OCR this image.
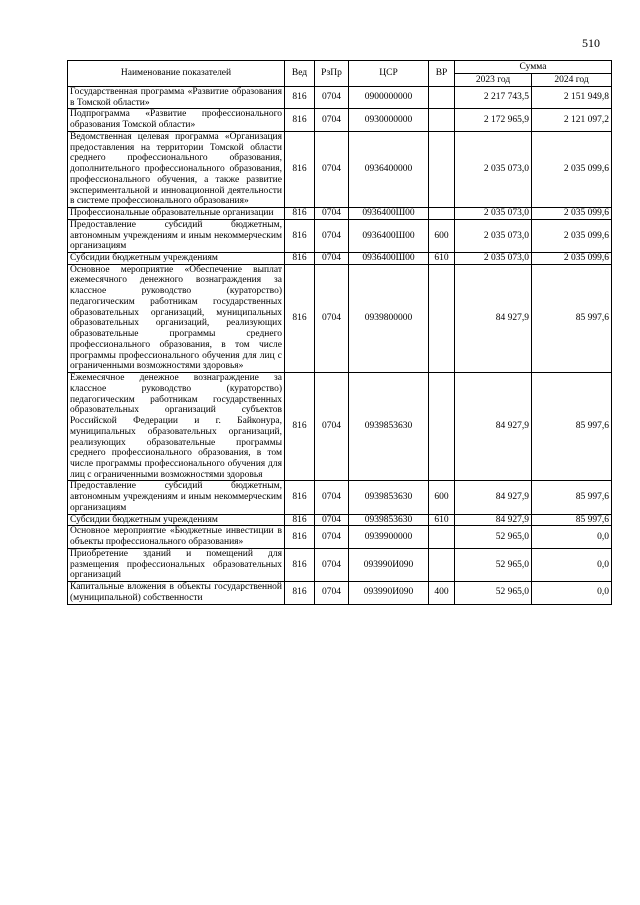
510
Наименование показателей	Вед	РзПр	ЦСР	ВР	Сумма	
					2023 год	2024 год
Государственная программа «Развитие образования в Томской области»	816	0704	0900000000		2 217 743,5	2 151 949,8
Подпрограмма «Развитие профессионального образования Томской области»	816	0704	0930000000		2 172 965,9	2 121 097,2
Ведомственная целевая программа «Организация предоставления на территории Томской области среднего профессионального образования, дополнительного профессионального образования, профессионального обучения, а также развитие экспериментальной и инновационной деятельности в системе профессионального образования»	816	0704	0936400000		2 035 073,0	2 035 099,6
Профессиональные образовательные организации	816	0704	0936400Ш00		2 035 073,0	2 035 099,6
Предоставление субсидий бюджетным, автономным учреждениям и иным некоммерческим организациям	816	0704	0936400Ш00	600	2 035 073,0	2 035 099,6
Субсидии бюджетным учреждениям	816	0704	0936400Ш00	610	2 035 073,0	2 035 099,6
Основное мероприятие «Обеспечение выплат ежемесячного денежного вознаграждения за классное руководство (кураторство) педагогическим работникам государственных образовательных организаций, муниципальных образовательных организаций, реализующих образовательные программы среднего профессионального образования, в том числе программы профессионального обучения для лиц с ограниченными возможностями здоровья»	816	0704	0939800000		84 927,9	85 997,6
Ежемесячное денежное вознаграждение за классное руководство (кураторство) педагогическим работникам государственных образовательных организаций субъектов Российской Федерации и г. Байконура, муниципальных образовательных организаций, реализующих образовательные программы среднего профессионального образования, в том числе программы профессионального обучения для лиц с ограниченными возможностями здоровья	816	0704	0939853630		84 927,9	85 997,6
Предоставление субсидий бюджетным, автономным учреждениям и иным некоммерческим организациям	816	0704	0939853630	600	84 927,9	85 997,6
Субсидии бюджетным учреждениям	816	0704	0939853630	610	84 927,9	85 997,6
Основное мероприятие «Бюджетные инвестиции в объекты профессионального образования»	816	0704	0939900000		52 965,0	0,0
Приобретение зданий и помещений для размещения профессиональных образовательных организаций	816	0704	093990И090		52 965,0	0,0
Капитальные вложения в объекты государственной (муниципальной) собственности	816	0704	093990И090	400	52 965,0	0,0
